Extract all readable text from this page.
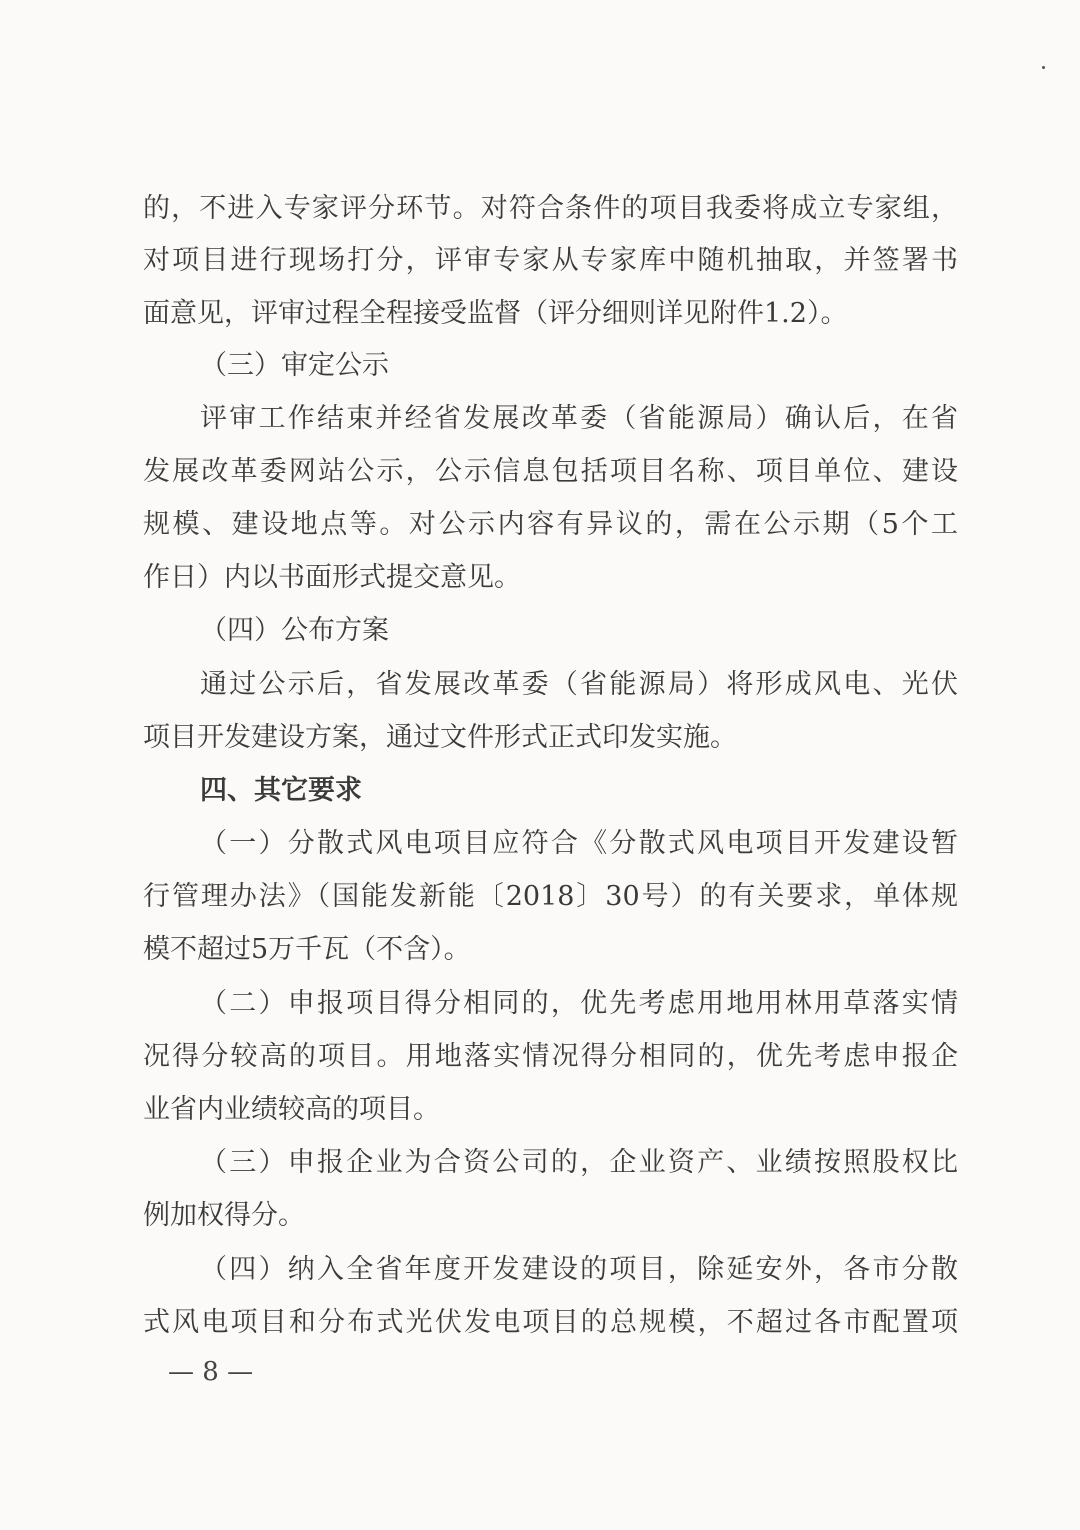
的，不进入专家评分环节。对符合条件的项目我委将成立专家组，
对项目进行现场打分，评审专家从专家库中随机抽取，并签署书
面意见，评审过程全程接受监督（评分细则详见附件1.2）。
（三）审定公示
评审工作结束并经省发展改革委（省能源局）确认后，在省
发展改革委网站公示，公示信息包括项目名称、项目单位、建设
规模、建设地点等。对公示内容有异议的，需在公示期（5个工
作日）内以书面形式提交意见。
（四）公布方案
通过公示后，省发展改革委（省能源局）将形成风电、光伏
项目开发建设方案，通过文件形式正式印发实施。
四、其它要求
（一）分散式风电项目应符合《分散式风电项目开发建设暂
行管理办法》（国能发新能〔2018〕30号）的有关要求，单体规
模不超过5万千瓦（不含）。
（二）申报项目得分相同的，优先考虑用地用林用草落实情
况得分较高的项目。用地落实情况得分相同的，优先考虑申报企
业省内业绩较高的项目。
（三）申报企业为合资公司的，企业资产、业绩按照股权比
例加权得分。
（四）纳入全省年度开发建设的项目，除延安外，各市分散
式风电项目和分布式光伏发电项目的总规模，不超过各市配置项
— 8 —
